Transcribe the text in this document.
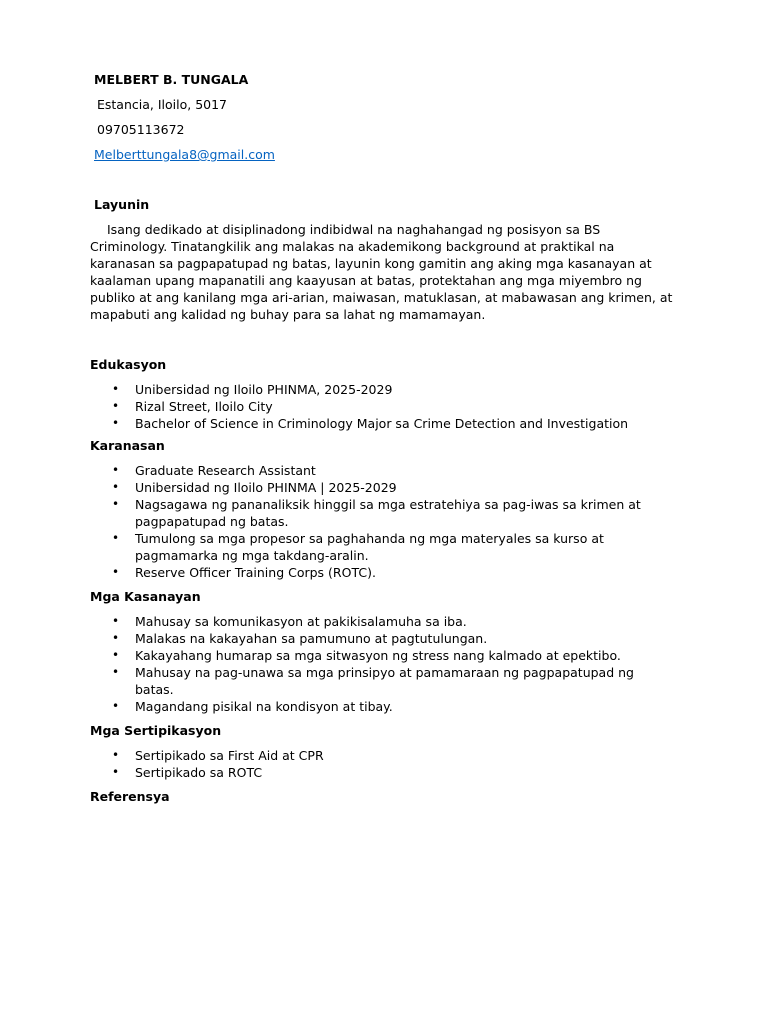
MELBERT B. TUNGALA
Estancia, Iloilo, 5017
09705113672
Melberttungala8@gmail.com
Layunin
Isang dedikado at disiplinadong indibidwal na naghahangad ng posisyon sa BS Criminology. Tinatangkilik ang malakas na akademikong background at praktikal na karanasan sa pagpapatupad ng batas, layunin kong gamitin ang aking mga kasanayan at kaalaman upang mapanatili ang kaayusan at batas, protektahan ang mga miyembro ng publiko at ang kanilang mga ari-arian, maiwasan, matuklasan, at mabawasan ang krimen, at mapabuti ang kalidad ng buhay para sa lahat ng mamamayan.
Edukasyon
• Unibersidad ng Iloilo PHINMA, 2025-2029
• Rizal Street, Iloilo City
• Bachelor of Science in Criminology Major sa Crime Detection and Investigation
Karanasan
• Graduate Research Assistant
• Unibersidad ng Iloilo PHINMA | 2025-2029
• Nagsagawa ng pananaliksik hinggil sa mga estratehiya sa pag-iwas sa krimen at pagpapatupad ng batas.
• Tumulong sa mga propesor sa paghahanda ng mga materyales sa kurso at pagmamarka ng mga takdang-aralin.
• Reserve Officer Training Corps (ROTC).
Mga Kasanayan
• Mahusay sa komunikasyon at pakikisalamuha sa iba.
• Malakas na kakayahan sa pamumuno at pagtutulungan.
• Kakayahang humarap sa mga sitwasyon ng stress nang kalmado at epektibo.
• Mahusay na pag-unawa sa mga prinsipyo at pamamaraan ng pagpapatupad ng batas.
• Magandang pisikal na kondisyon at tibay.
Mga Sertipikasyon
• Sertipikado sa First Aid at CPR
• Sertipikado sa ROTC
Referensya
